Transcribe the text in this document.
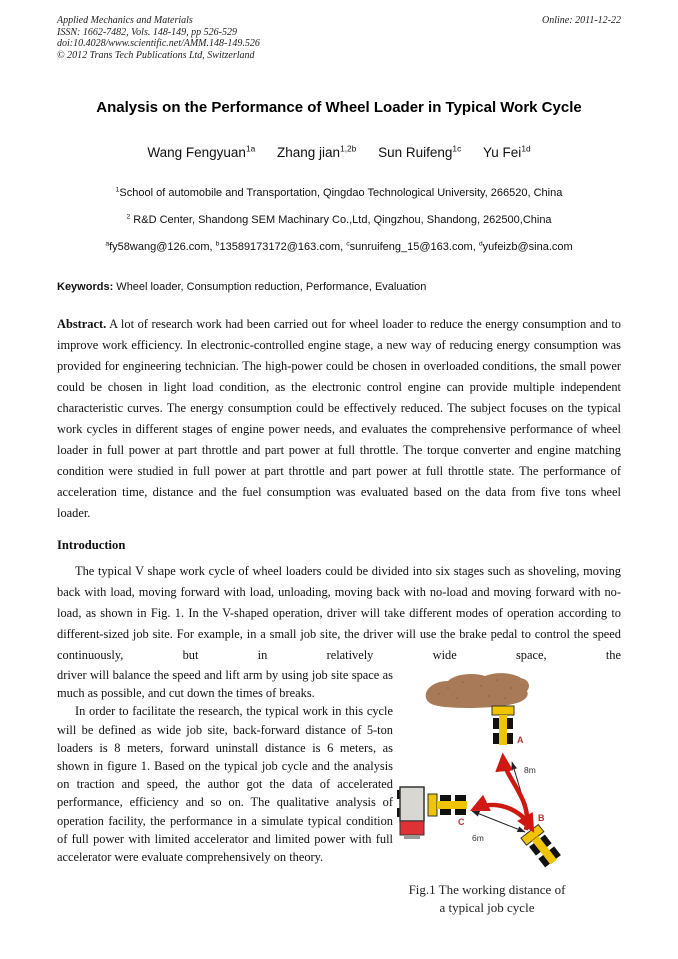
Applied Mechanics and Materials
ISSN: 1662-7482, Vols. 148-149, pp 526-529
doi:10.4028/www.scientific.net/AMM.148-149.526
© 2012 Trans Tech Publications Ltd, Switzerland
Online: 2011-12-22
Analysis on the Performance of Wheel Loader in Typical Work Cycle
Wang Fengyuan$^{1a}$ Zhang jian$^{1,2b}$ Sun Ruifeng$^{1c}$ Yu Fei$^{1d}$
$^1$School of automobile and Transportation, Qingdao Technological University, 266520, China
$^2$ R&D Center, Shandong SEM Machinary Co.,Ltd, Qingzhou, Shandong, 262500,China
$^a$fy58wang@126.com, $^b$13589173172@163.com, $^c$sunruifeng_15@163.com, $^d$yufeizb@sina.com
Keywords: Wheel loader, Consumption reduction, Performance, Evaluation
Abstract. A lot of research work had been carried out for wheel loader to reduce the energy consumption and to improve work efficiency. In electronic-controlled engine stage, a new way of reducing energy consumption was provided for engineering technician. The high-power could be chosen in overloaded conditions, the small power could be chosen in light load condition, as the electronic control engine can provide multiple independent characteristic curves. The energy consumption could be effectively reduced. The subject focuses on the typical work cycles in different stages of engine power needs, and evaluates the comprehensive performance of wheel loader in full power at part throttle and part power at full throttle. The torque converter and engine matching condition were studied in full power at part throttle and part power at full throttle state. The performance of acceleration time, distance and the fuel consumption was evaluated based on the data from five tons wheel loader.
Introduction

The typical V shape work cycle of wheel loaders could be divided into six stages such as shoveling, moving back with load, moving forward with load, unloading, moving back with no-load and moving forward with no-load, as shown in Fig. 1. In the V-shaped operation, driver will take different modes of operation according to different-sized job site. For example, in a small job site, the driver will use the brake pedal to control the speed continuously, but in relatively wide space, the

A
B
C
8m
6m
Fig.1 The working distance of
a typical job cycle

driver will balance the speed and lift arm by using job site space as much as possible, and cut down the times of breaks.

In order to facilitate the research, the typical work in this cycle will be defined as wide job site, back-forward distance of 5-ton loaders is 8 meters, forward uninstall distance is 6 meters, as shown in figure 1. Based on the typical job cycle and the analysis on traction and speed, the author got the data of accelerated performance, efficiency and so on. The qualitative analysis of operation facility, the performance in a simulate typical condition of full power with limited accelerator and limited power with full accelerator were evaluate comprehensively on theory.
